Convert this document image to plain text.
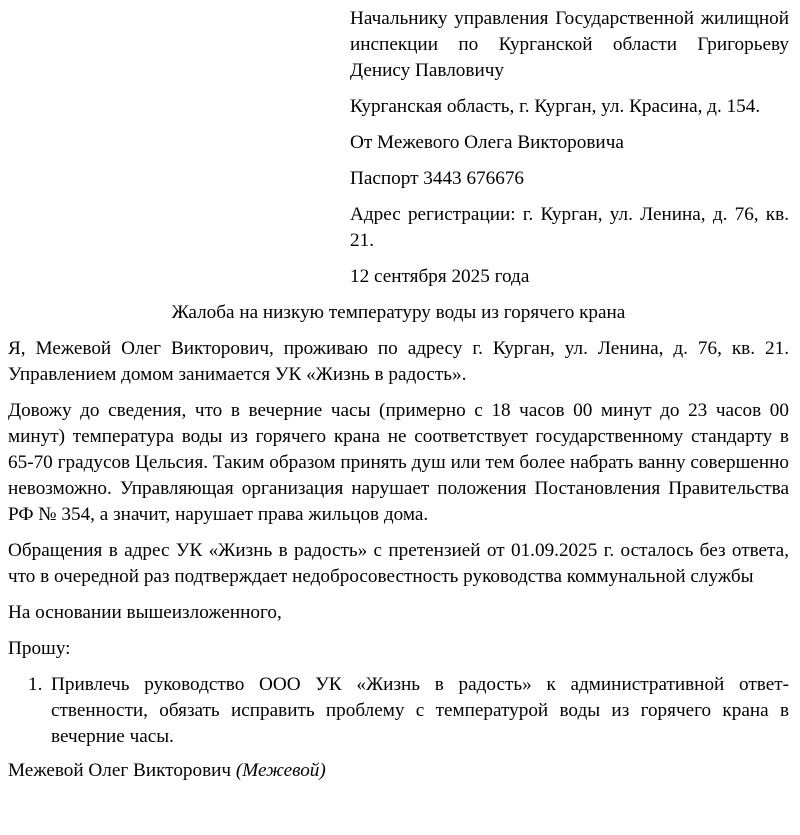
Начальнику управления Государственной жилищной инспекции по Курганской области Григорьеву Денису Павловичу

Курганская область, г. Курган, ул. Красина, д. 154.

От Межевого Олега Викторовича

Паспорт 3443 676676

Адрес регистрации: г. Курган, ул. Ленина, д. 76, кв. 21.

12 сентября 2025 года

Жалоба на низкую температуру воды из горячего крана

Я, Межевой Олег Викторович, проживаю по адресу г. Курган, ул. Ленина, д. 76, кв. 21. Управлением домом занимается УК «Жизнь в радость».

Довожу до сведения, что в вечерние часы (примерно с 18 часов 00 минут до 23 часов 00 минут) температура воды из горячего крана не соответствует государственному стандарту в 65-70 градусов Цельсия. Таким образом принять душ или тем более набрать ванну совершенно невозможно. Управляющая организация нарушает положения Постановления Правительства РФ № 354, а значит, нарушает права жильцов дома.

Обращения в адрес УК «Жизнь в радость» с претензией от 01.09.2025 г. осталось без ответа, что в очередной раз подтверждает недобросовестность руководства коммунальной службы

На основании вышеизложенного,

Прошу:

1. Привлечь руководство ООО УК «Жизнь в радость» к административной ответственности, обязать исправить проблему с температурой воды из горячего крана в вечерние часы.
Межевой Олег Викторович (Межевой)
